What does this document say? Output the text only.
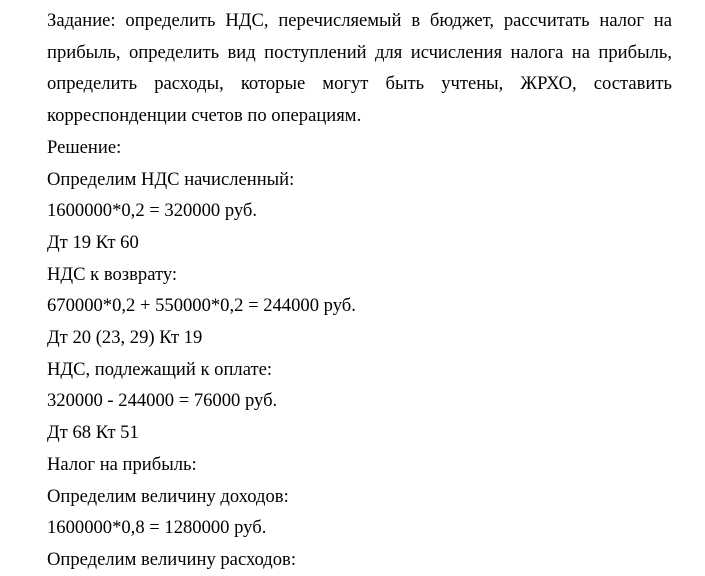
Задание: определить НДС, перечисляемый в бюджет, рассчитать налог на прибыль, определить вид поступлений для исчисления налога на прибыль, определить расходы, которые могут быть учтены, ЖРХО, составить корреспонденции счетов по операциям.

Решение:

Определим НДС начисленный:

1600000*0,2 = 320000 руб.

Дт 19 Кт 60

НДС к возврату:

670000*0,2 + 550000*0,2 = 244000 руб.

Дт 20 (23, 29) Кт 19

НДС, подлежащий к оплате:

320000 - 244000 = 76000 руб.

Дт 68 Кт 51

Налог на прибыль:

Определим величину доходов:

1600000*0,8 = 1280000 руб.

Определим величину расходов:
